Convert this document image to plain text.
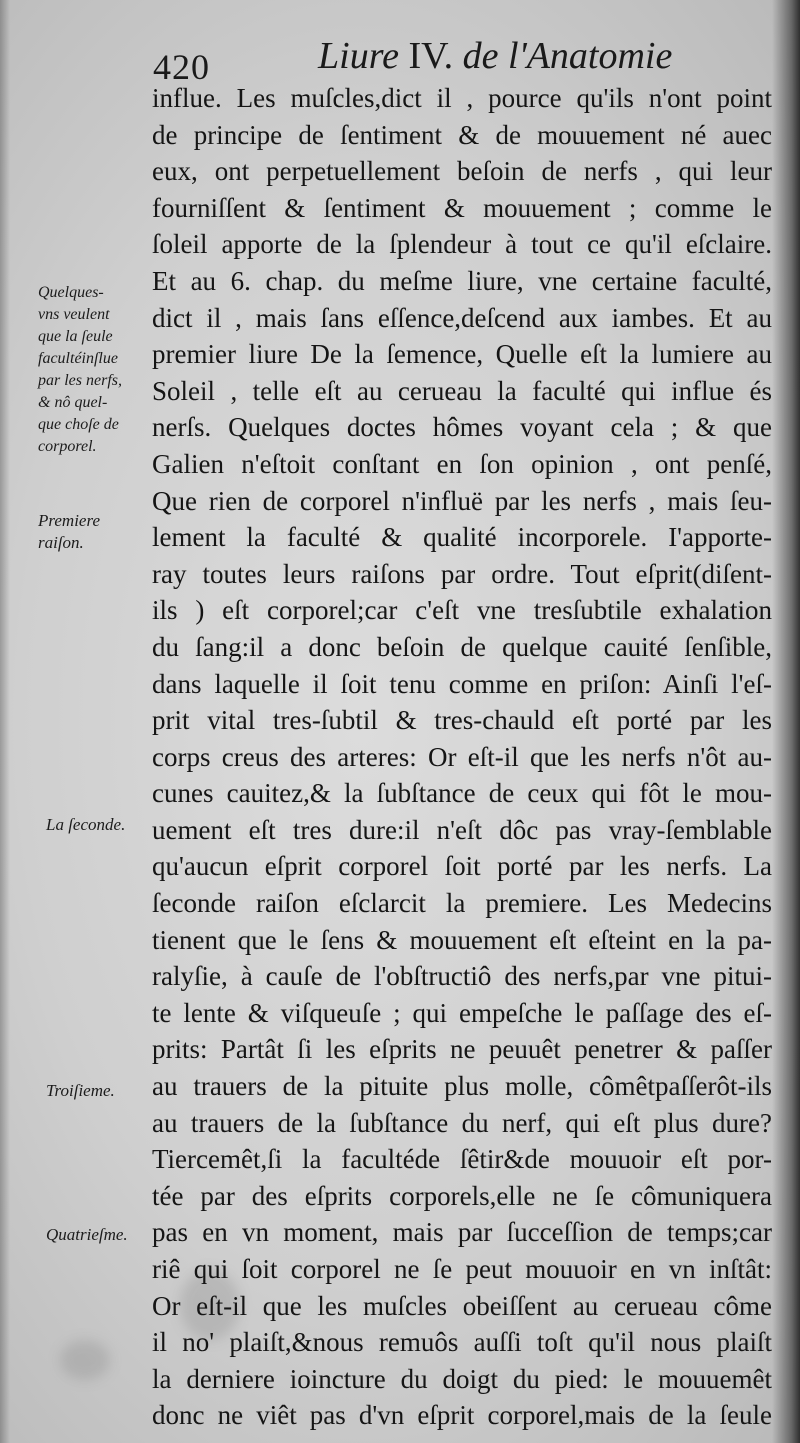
420	Liure IV. de l'Anatomie
Quelques-
vns veulent
que la ſeule
facultéinſlue
par les nerfs,
& nô quel-
que choſe de
corporel.
Premiere
raiſon.
La ſeconde.
Troiſieme.
Quatrieſme.
influe. Les muſcles,dict il , pource qu'ils n'ont point
de principe de ſentiment & de mouuement né auec
eux, ont perpetuellement beſoin de nerfs , qui leur
fourniſſent & ſentiment & mouuement ; comme le
ſoleil apporte de la ſplendeur à tout ce qu'il eſclaire.
Et au 6. chap. du meſme liure, vne certaine faculté,
dict il , mais ſans eſſence,deſcend aux iambes. Et au
premier liure De la ſemence, Quelle eſt la lumiere au
Soleil , telle eſt au cerueau la faculté qui influe és
nerſs. Quelques doctes hômes voyant cela ; & que
Galien n'eſtoit conſtant en ſon opinion , ont penſé,
Que rien de corporel n'influë par les nerfs , mais ſeu-
lement la faculté & qualité incorporele. I'apporte-
ray toutes leurs raiſons par ordre. Tout eſprit(diſent-
ils ) eſt corporel;car c'eſt vne tresſubtile exhalation
du ſang:il a donc beſoin de quelque cauité ſenſible,
dans laquelle il ſoit tenu comme en priſon: Ainſi l'eſ-
prit vital tres-ſubtil & tres-chauld eſt porté par les
corps creus des arteres: Or eſt-il que les nerfs n'ôt au-
cunes cauitez,& la ſubſtance de ceux qui fôt le mou-
uement eſt tres dure:il n'eſt dôc pas vray-ſemblable
qu'aucun eſprit corporel ſoit porté par les nerfs. La
ſeconde raiſon eſclarcit la premiere. Les Medecins
tienent que le ſens & mouuement eſt eſteint en la pa-
ralyſie, à cauſe de l'obſtructiô des nerfs,par vne pitui-
te lente & viſqueuſe ; qui empeſche le paſſage des eſ-
prits: Partât ſi les eſprits ne peuuêt penetrer & paſſer
au trauers de la pituite plus molle, cômêtpaſſerôt-ils
au trauers de la ſubſtance du nerf, qui eſt plus dure?
Tiercemêt,ſi la facultéde ſêtir&de mouuoir eſt por-
tée par des eſprits corporels,elle ne ſe cômuniquera
pas en vn moment, mais par ſucceſſion de temps;car
riê qui ſoit corporel ne ſe peut mouuoir en vn inſtât:
Or eſt-il que les muſcles obeiſſent au cerueau côme
il no' plaiſt,&nous remuôs auſſi toſt qu'il nous plaiſt
la derniere ioincture du doigt du pied: le mouuemêt
donc ne viêt pas d'vn eſprit corporel,mais de la ſeule
